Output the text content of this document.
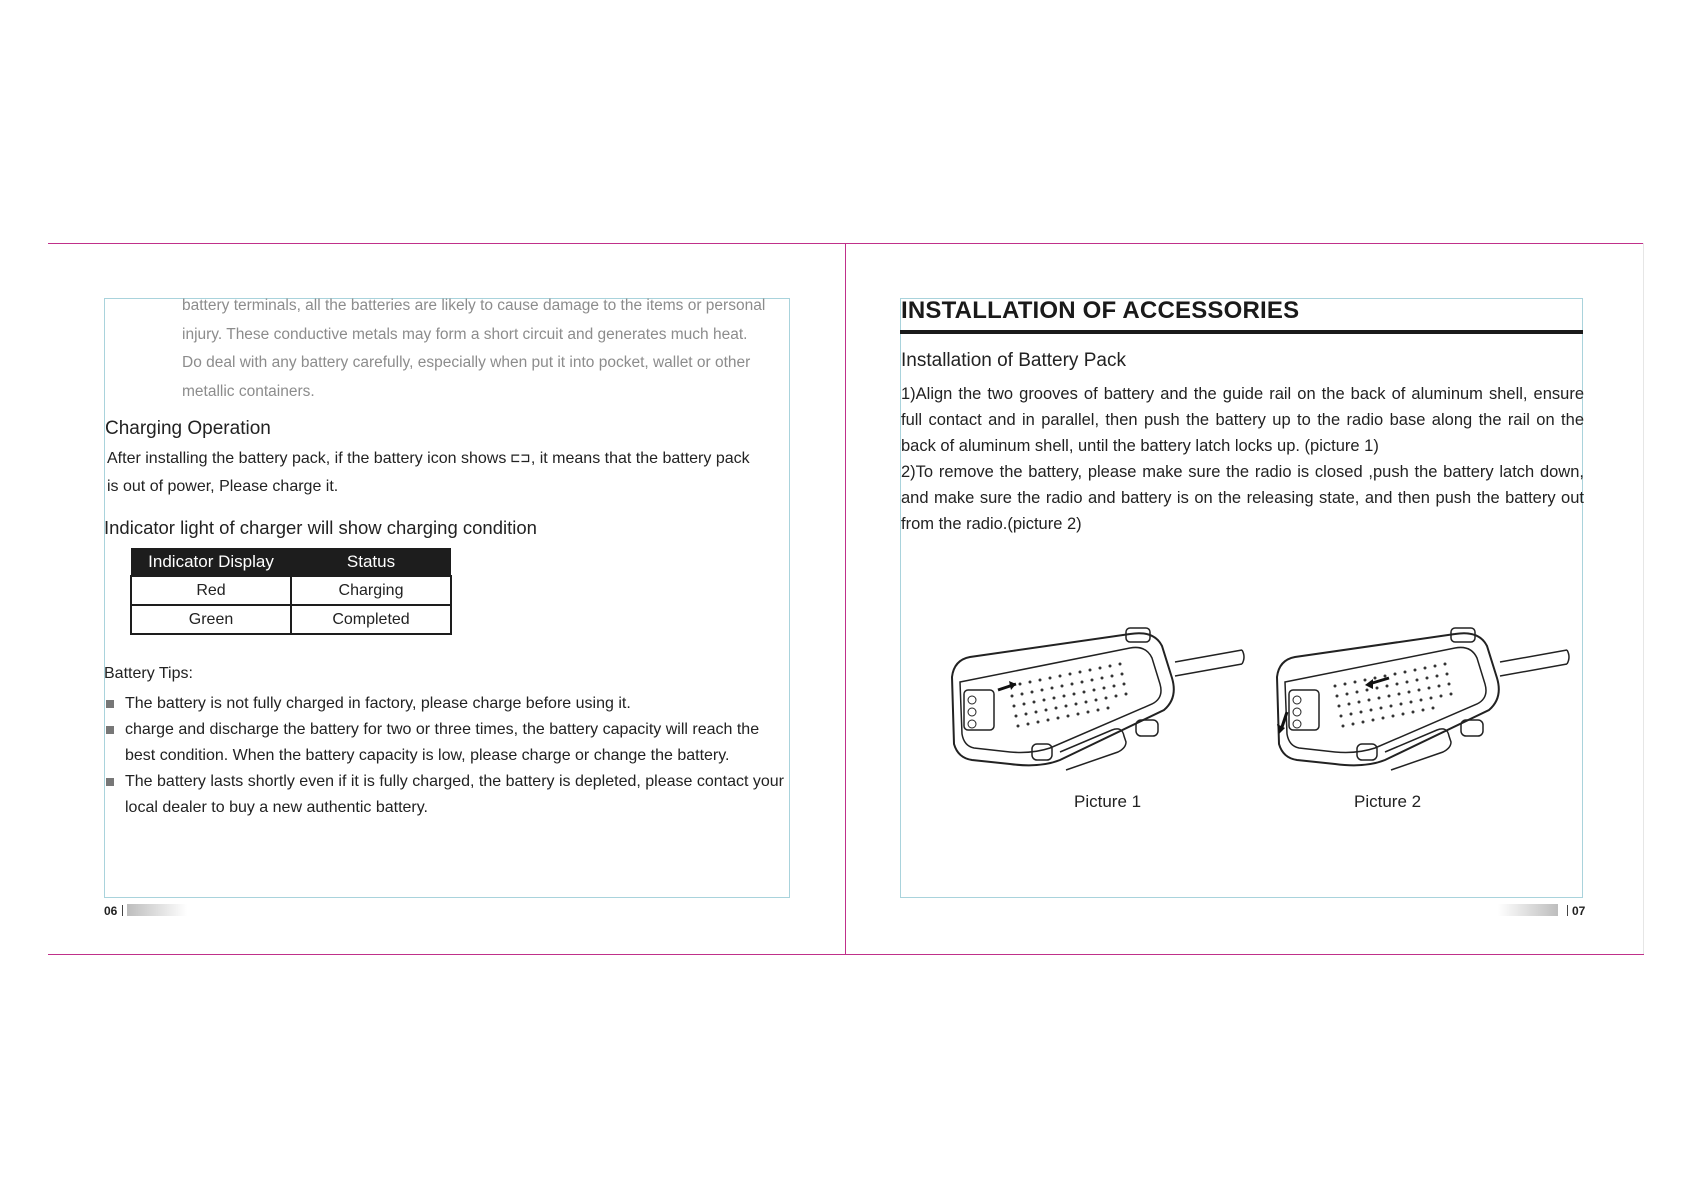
battery terminals, all the batteries are likely to cause damage to the items or personal

injury. These conductive metals may form a short circuit and generates much heat.

Do deal with any battery carefully, especially when put it into pocket, wallet or other

metallic containers.

Charging Operation
After installing the battery pack, if the battery icon shows ⊏⊐, it means that the battery pack
is out of power, Please charge it.
Indicator light of charger will show charging condition
Indicator Display	Status
Red	Charging
Green	Completed
Battery Tips:
The battery is not fully charged in factory, please charge before using it.
charge and discharge the battery for two or three times, the battery capacity will reach the best condition. When the battery capacity is low, please charge or change the battery.
The battery lasts shortly even if it is fully charged, the battery is depleted, please contact your local dealer to buy a new authentic battery.
06
INSTALLATION OF ACCESSORIES
Installation of Battery Pack

1)Align the two grooves of battery and the guide rail on the back of aluminum shell, ensure full contact and in parallel, then push the battery up to the radio base along the rail on the back of aluminum shell, until the battery latch locks up. (picture 1)

2)To remove the battery, please make sure the radio is closed ,push the battery latch down, and make sure the radio and battery is on the releasing state, and then push the battery out from the radio.(picture 2)

Picture 1	Picture 2
07
